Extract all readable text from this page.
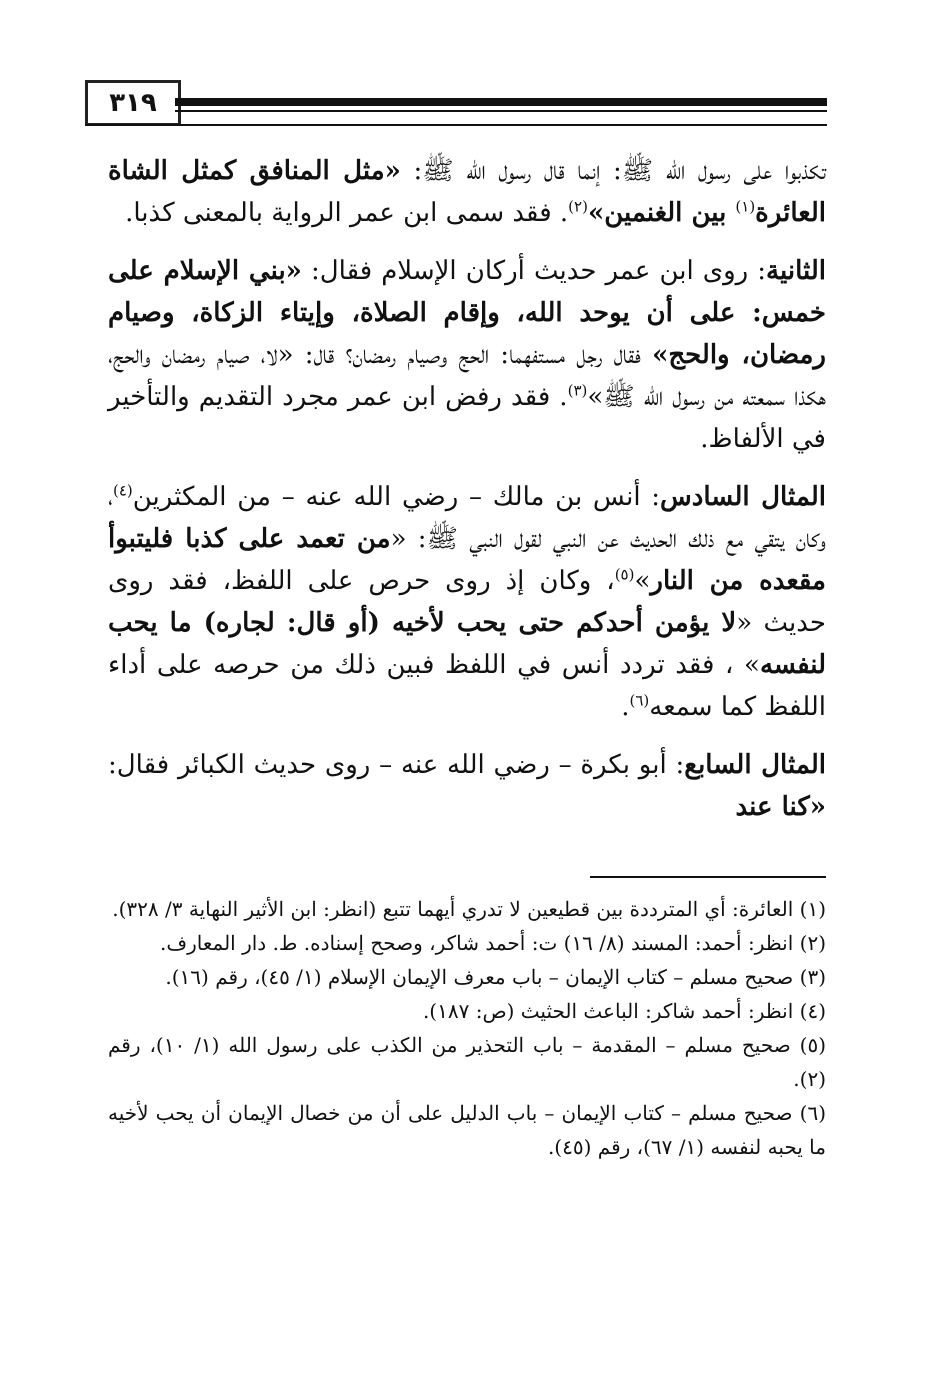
٣١٩

تكذبوا على رسول الله ﷺ: إنما قال رسول الله ﷺ: «مثل المنافق كمثل الشاة العائرة$^{(١)}$ بين الغنمين»$^{(٢)}$. فقد سمى ابن عمر الرواية بالمعنى كذبا.

الثانية: روى ابن عمر حديث أركان الإسلام فقال: «بني الإسلام على خمس: على أن يوحد الله، وإقام الصلاة، وإيتاء الزكاة، وصيام رمضان، والحج» فقال رجل مستفهما: الحج وصيام رمضان؟ قال: «لا، صيام رمضان والحج، هكذا سمعته من رسول الله ﷺ»$^{(٣)}$. فقد رفض ابن عمر مجرد التقديم والتأخير في الألفاظ.

المثال السادس: أنس بن مالك – رضي الله عنه – من المكثرين$^{(٤)}$، وكان يتقي مع ذلك الحديث عن النبي لقول النبي ﷺ: «من تعمد على كذبا فليتبوأ مقعده من النار»$^{(٥)}$، وكان إذ روى حرص على اللفظ، فقد روى حديث «لا يؤمن أحدكم حتى يحب لأخيه (أو قال: لجاره) ما يحب لنفسه» ، فقد تردد أنس في اللفظ فبين ذلك من حرصه على أداء اللفظ كما سمعه$^{(٦)}$.

المثال السابع: أبو بكرة – رضي الله عنه – روى حديث الكبائر فقال: «كنا عند

(١) العائرة: أي المترددة بين قطيعين لا تدري أيهما تتبع (انظر: ابن الأثير النهاية ٣/ ٣٢٨).

(٢) انظر: أحمد: المسند (٨/ ١٦) ت: أحمد شاكر، وصحح إسناده. ط. دار المعارف.

(٣) صحيح مسلم – كتاب الإيمان – باب معرف الإيمان الإسلام (١/ ٤٥)، رقم (١٦).

(٤) انظر: أحمد شاكر: الباعث الحثيث (ص: ١٨٧).

(٥) صحيح مسلم – المقدمة – باب التحذير من الكذب على رسول الله (١/ ١٠)، رقم (٢).

(٦) صحيح مسلم – كتاب الإيمان – باب الدليل على أن من خصال الإيمان أن يحب لأخيه ما يحبه لنفسه (١/ ٦٧)، رقم (٤٥).
